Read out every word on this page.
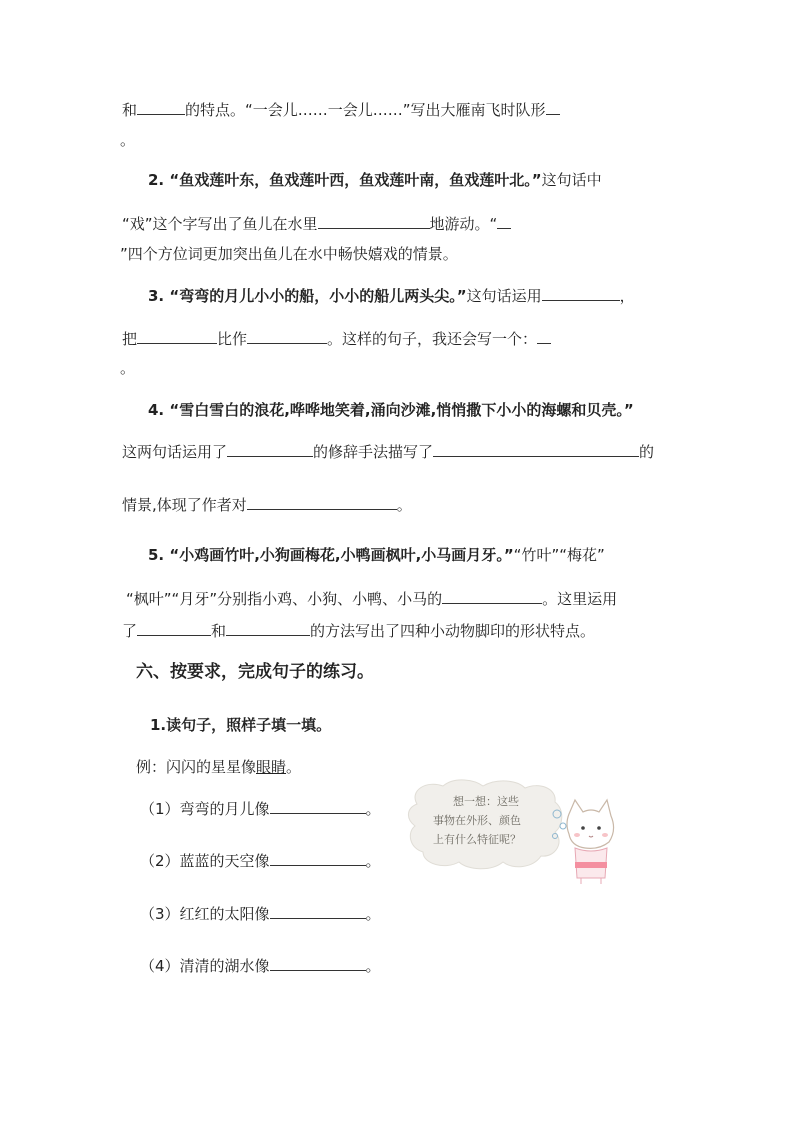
和	的特点。“一会儿……一会儿……”写出大雁南飞时队形
。
2. “鱼戏莲叶东，鱼戏莲叶西，鱼戏莲叶南，鱼戏莲叶北。”这句话中
“戏”这个字写出了鱼儿在水里	地游动。“
”四个方位词更加突出鱼儿在水中畅快嬉戏的情景。
3. “弯弯的月儿小小的船，小小的船儿两头尖。”这句话运用	，
把	比作	。这样的句子，我还会写一个：
。
4. “雪白雪白的浪花,哗哗地笑着,涌向沙滩,悄悄撒下小小的海螺和贝壳。”
这两句话运用了	的修辞手法描写了	的
情景,体现了作者对	。
5. “小鸡画竹叶,小狗画梅花,小鸭画枫叶,小马画月牙。”“竹叶”“梅花”
“枫叶”“月牙”分别指小鸡、小狗、小鸭、小马的	。这里运用
了	和	的方法写出了四种小动物脚印的形状特点。
六、按要求，完成句子的练习。
1.读句子，照样子填一填。
例：闪闪的星星像眼睛。
（1）弯弯的月儿像	。
（2）蓝蓝的天空像	。
（3）红红的太阳像	。
（4）清清的湖水像	。
想一想：这些
事物在外形、颜色
上有什么特征呢？
